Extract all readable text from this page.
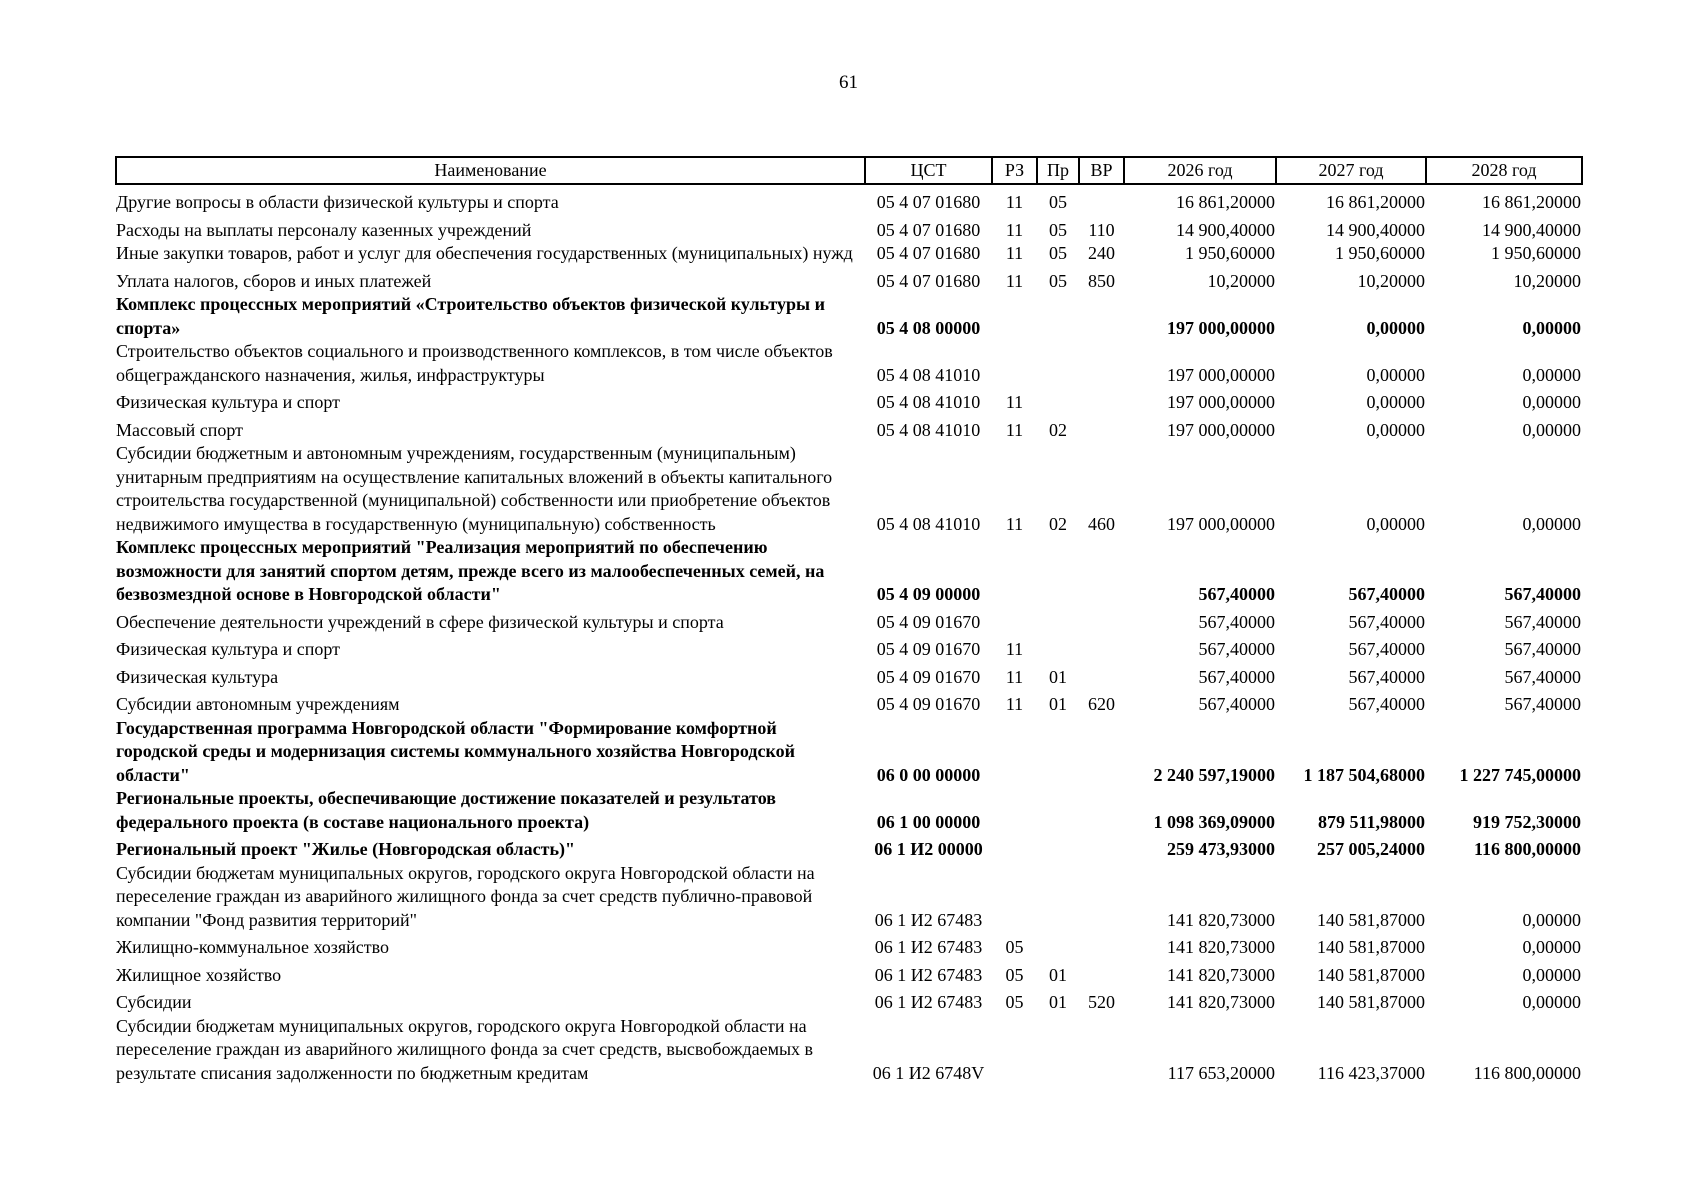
61
Наименование	ЦСТ	РЗ	Пр	ВР	2026 год	2027 год	2028 год
Другие вопросы в области физической культуры и спорта	05 4 07 01680	11	05		16 861,20000	16 861,20000	16 861,20000
Расходы на выплаты персоналу казенных учреждений	05 4 07 01680	11	05	110	14 900,40000	14 900,40000	14 900,40000
Иные закупки товаров, работ и услуг для обеспечения государственных (муниципальных) нужд	05 4 07 01680	11	05	240	1 950,60000	1 950,60000	1 950,60000
Уплата налогов, сборов и иных платежей	05 4 07 01680	11	05	850	10,20000	10,20000	10,20000
Комплекс процессных мероприятий «Строительство объектов физической культуры и спорта»	05 4 08 00000				197 000,00000	0,00000	0,00000
Строительство объектов социального и производственного комплексов, в том числе объектов общегражданского назначения, жилья, инфраструктуры	05 4 08 41010				197 000,00000	0,00000	0,00000
Физическая культура и спорт	05 4 08 41010	11			197 000,00000	0,00000	0,00000
Массовый спорт	05 4 08 41010	11	02		197 000,00000	0,00000	0,00000
Субсидии бюджетным и автономным учреждениям, государственным (муниципальным) унитарным предприятиям на осуществление капитальных вложений в объекты капитального строительства государственной (муниципальной) собственности или приобретение объектов недвижимого имущества в государственную (муниципальную) собственность	05 4 08 41010	11	02	460	197 000,00000	0,00000	0,00000
Комплекс процессных мероприятий "Реализация мероприятий по обеспечению возможности для занятий спортом детям, прежде всего из малообеспеченных семей, на безвозмездной основе в Новгородской области"	05 4 09 00000				567,40000	567,40000	567,40000
Обеспечение деятельности учреждений в сфере физической культуры и спорта	05 4 09 01670				567,40000	567,40000	567,40000
Физическая культура и спорт	05 4 09 01670	11			567,40000	567,40000	567,40000
Физическая культура	05 4 09 01670	11	01		567,40000	567,40000	567,40000
Субсидии автономным учреждениям	05 4 09 01670	11	01	620	567,40000	567,40000	567,40000
Государственная программа Новгородской области "Формирование комфортной городской среды и модернизация системы коммунального хозяйства Новгородской области"	06 0 00 00000				2 240 597,19000	1 187 504,68000	1 227 745,00000
Региональные проекты, обеспечивающие достижение показателей и результатов федерального проекта (в составе национального проекта)	06 1 00 00000				1 098 369,09000	879 511,98000	919 752,30000
Региональный проект "Жилье (Новгородская область)"	06 1 И2 00000				259 473,93000	257 005,24000	116 800,00000
Субсидии бюджетам муниципальных округов, городского округа Новгородской области на переселение граждан из аварийного жилищного фонда за счет средств публично-правовой компании "Фонд развития территорий"	06 1 И2 67483				141 820,73000	140 581,87000	0,00000
Жилищно-коммунальное хозяйство	06 1 И2 67483	05			141 820,73000	140 581,87000	0,00000
Жилищное хозяйство	06 1 И2 67483	05	01		141 820,73000	140 581,87000	0,00000
Субсидии	06 1 И2 67483	05	01	520	141 820,73000	140 581,87000	0,00000
Субсидии бюджетам муниципальных округов, городского округа Новгородкой области на переселение граждан из аварийного жилищного фонда за счет средств, высвобождаемых в результате списания задолженности по бюджетным кредитам	06 1 И2 6748V				117 653,20000	116 423,37000	116 800,00000
